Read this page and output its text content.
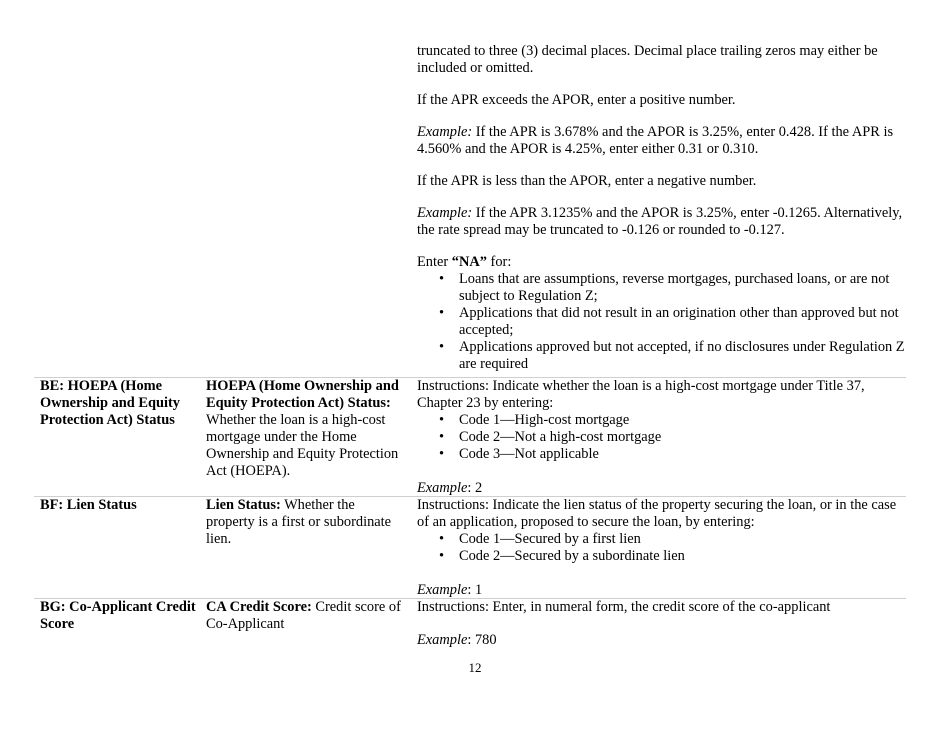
truncated to three (3) decimal places. Decimal place trailing zeros may either be included or omitted.

If the APR exceeds the APOR, enter a positive number.

Example: If the APR is 3.678% and the APOR is 3.25%, enter 0.428. If the APR is 4.560% and the APOR is 4.25%, enter either 0.31 or 0.310.

If the APR is less than the APOR, enter a negative number.

Example: If the APR 3.1235% and the APOR is 3.25%, enter -0.1265. Alternatively, the rate spread may be truncated to -0.126 or rounded to -0.127.

Enter “NA” for:

• Loans that are assumptions, reverse mortgages, purchased loans, or are not subject to Regulation Z;
• Applications that did not result in an origination other than approved but not accepted;
• Applications approved but not accepted, if no disclosures under Regulation Z are required
BE: HOEPA (Home Ownership and Equity Protection Act) Status
HOEPA (Home Ownership and Equity Protection Act) Status: Whether the loan is a high-cost mortgage under the Home Ownership and Equity Protection Act (HOEPA).

Instructions: Indicate whether the loan is a high-cost mortgage under Title 37, Chapter 23 by entering:

• Code 1—High-cost mortgage
• Code 2—Not a high-cost mortgage
• Code 3—Not applicable

Example: 2

BF: Lien Status	Lien Status: Whether the property is a first or subordinate lien.

Instructions: Indicate the lien status of the property securing the loan, or in the case of an application, proposed to secure the loan, by entering:

• Code 1—Secured by a first lien
• Code 2—Secured by a subordinate lien

Example: 1

BG: Co-Applicant Credit Score
CA Credit Score: Credit score of Co-Applicant

Instructions: Enter, in numeral form, the credit score of the co-applicant

Example: 780

12
